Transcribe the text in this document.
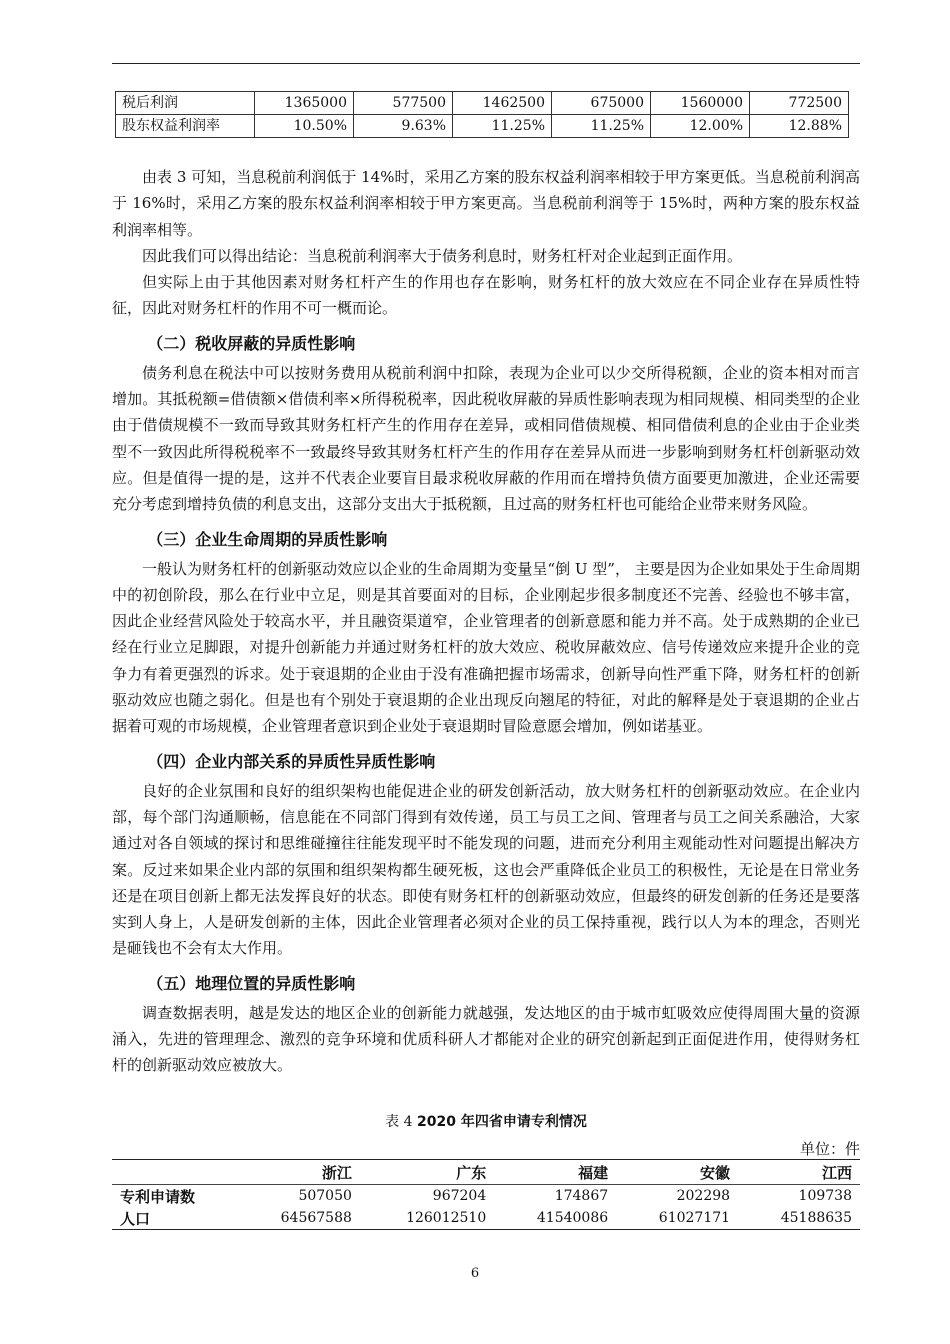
税后利润	1365000	577500	1462500	675000	1560000	772500
股东权益利润率	10.50%	9.63%	11.25%	11.25%	12.00%	12.88%

由表 3 可知，当息税前利润低于 14%时，采用乙方案的股东权益利润率相较于甲方案更低。当息税前利润高于 16%时，采用乙方案的股东权益利润率相较于甲方案更高。当息税前利润等于 15%时，两种方案的股东权益利润率相等。

因此我们可以得出结论：当息税前利润率大于债务利息时，财务杠杆对企业起到正面作用。

但实际上由于其他因素对财务杠杆产生的作用也存在影响，财务杠杆的放大效应在不同企业存在异质性特征，因此对财务杠杆的作用不可一概而论。

（二）税收屏蔽的异质性影响

债务利息在税法中可以按财务费用从税前利润中扣除，表现为企业可以少交所得税额，企业的资本相对而言增加。其抵税额=借债额×借债利率×所得税税率，因此税收屏蔽的异质性影响表现为相同规模、相同类型的企业由于借债规模不一致而导致其财务杠杆产生的作用存在差异，或相同借债规模、相同借债利息的企业由于企业类型不一致因此所得税税率不一致最终导致其财务杠杆产生的作用存在差异从而进一步影响到财务杠杆创新驱动效应。但是值得一提的是，这并不代表企业要盲目最求税收屏蔽的作用而在增持负债方面要更加激进，企业还需要充分考虑到增持负债的利息支出，这部分支出大于抵税额，且过高的财务杠杆也可能给企业带来财务风险。

（三）企业生命周期的异质性影响

一般认为财务杠杆的创新驱动效应以企业的生命周期为变量呈“倒 U 型”， 主要是因为企业如果处于生命周期中的初创阶段，那么在行业中立足，则是其首要面对的目标，企业刚起步很多制度还不完善、经验也不够丰富，因此企业经营风险处于较高水平，并且融资渠道窄，企业管理者的创新意愿和能力并不高。处于成熟期的企业已经在行业立足脚跟，对提升创新能力并通过财务杠杆的放大效应、税收屏蔽效应、信号传递效应来提升企业的竞争力有着更强烈的诉求。处于衰退期的企业由于没有准确把握市场需求，创新导向性严重下降，财务杠杆的创新驱动效应也随之弱化。但是也有个别处于衰退期的企业出现反向翘尾的特征，对此的解释是处于衰退期的企业占据着可观的市场规模，企业管理者意识到企业处于衰退期时冒险意愿会增加，例如诺基亚。

（四）企业内部关系的异质性异质性影响

良好的企业氛围和良好的组织架构也能促进企业的研发创新活动，放大财务杠杆的创新驱动效应。在企业内部，每个部门沟通顺畅，信息能在不同部门得到有效传递，员工与员工之间、管理者与员工之间关系融洽，大家通过对各自领域的探讨和思维碰撞往往能发现平时不能发现的问题，进而充分利用主观能动性对问题提出解决方案。反过来如果企业内部的氛围和组织架构都生硬死板，这也会严重降低企业员工的积极性，无论是在日常业务还是在项目创新上都无法发挥良好的状态。即使有财务杠杆的创新驱动效应，但最终的研发创新的任务还是要落实到人身上，人是研发创新的主体，因此企业管理者必须对企业的员工保持重视，践行以人为本的理念，否则光是砸钱也不会有太大作用。

（五）地理位置的异质性影响

调查数据表明，越是发达的地区企业的创新能力就越强，发达地区的由于城市虹吸效应使得周围大量的资源涌入，先进的管理理念、激烈的竞争环境和优质科研人才都能对企业的研究创新起到正面促进作用，使得财务杠杆的创新驱动效应被放大。

表 4 2020 年四省申请专利情况
单位：件
	浙江	广东	福建	安徽	江西
专利申请数	507050	967204	174867	202298	109738
人口	64567588	126012510	41540086	61027171	45188635
6
